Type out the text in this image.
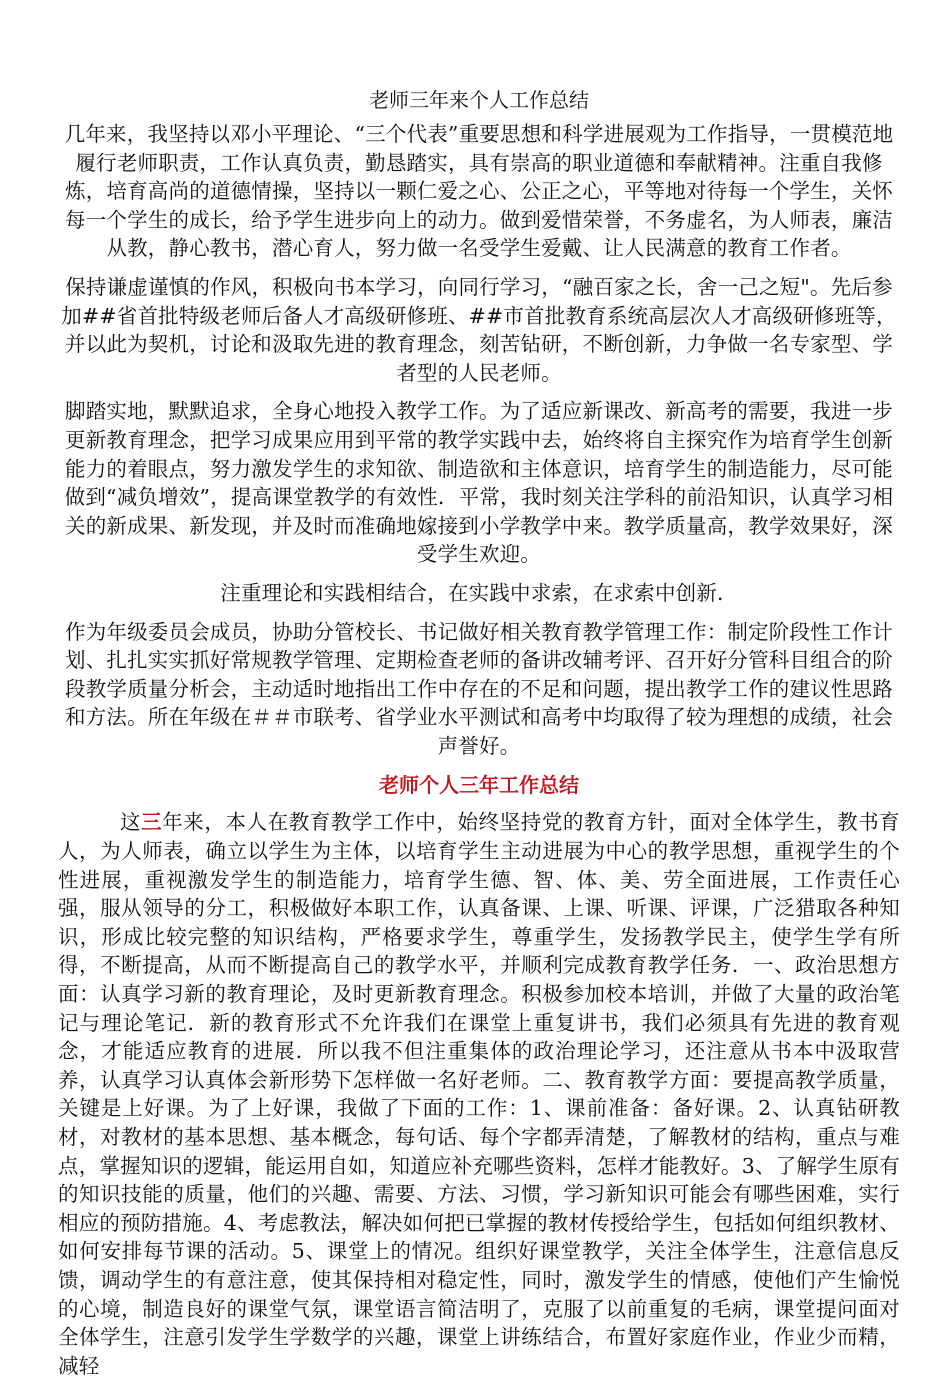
老师三年来个人工作总结

几年来，我坚持以邓小平理论、“三个代表”重要思想和科学进展观为工作指导，一贯模范地履行老师职责，工作认真负责，勤恳踏实，具有崇高的职业道德和奉献精神。注重自我修炼，培育高尚的道德情操，坚持以一颗仁爱之心、公正之心，平等地对待每一个学生，关怀每一个学生的成长，给予学生进步向上的动力。做到爱惜荣誉，不务虚名，为人师表，廉洁从教，静心教书，潜心育人，努力做一名受学生爱戴、让人民满意的教育工作者。

保持谦虚谨慎的作风，积极向书本学习，向同行学习，“融百家之长，舍一己之短"。先后参加##省首批特级老师后备人才高级研修班、##市首批教育系统高层次人才高级研修班等，并以此为契机，讨论和汲取先进的教育理念，刻苦钻研，不断创新，力争做一名专家型、学者型的人民老师。

脚踏实地，默默追求，全身心地投入教学工作。为了适应新课改、新高考的需要，我进一步更新教育理念，把学习成果应用到平常的教学实践中去，始终将自主探究作为培育学生创新能力的着眼点，努力激发学生的求知欲、制造欲和主体意识，培育学生的制造能力，尽可能做到“减负增效”，提高课堂教学的有效性．平常，我时刻关注学科的前沿知识，认真学习相关的新成果、新发现，并及时而准确地嫁接到小学教学中来。教学质量高，教学效果好，深受学生欢迎。

注重理论和实践相结合，在实践中求索，在求索中创新．

作为年级委员会成员，协助分管校长、书记做好相关教育教学管理工作：制定阶段性工作计划、扎扎实实抓好常规教学管理、定期检查老师的备讲改辅考评、召开好分管科目组合的阶段教学质量分析会，主动适时地指出工作中存在的不足和问题，提出教学工作的建议性思路和方法。所在年级在＃＃市联考、省学业水平测试和高考中均取得了较为理想的成绩，社会声誉好。

老师个人三年工作总结

这三年来，本人在教育教学工作中，始终坚持党的教育方针，面对全体学生，教书育人，为人师表，确立以学生为主体，以培育学生主动进展为中心的教学思想，重视学生的个性进展，重视激发学生的制造能力，培育学生德、智、体、美、劳全面进展，工作责任心强，服从领导的分工，积极做好本职工作，认真备课、上课、听课、评课，广泛猎取各种知识，形成比较完整的知识结构，严格要求学生，尊重学生，发扬教学民主，使学生学有所得，不断提高，从而不断提高自己的教学水平，并顺利完成教育教学任务．一、政治思想方面：认真学习新的教育理论，及时更新教育理念。积极参加校本培训，并做了大量的政治笔记与理论笔记．新的教育形式不允许我们在课堂上重复讲书，我们必须具有先进的教育观念，才能适应教育的进展．所以我不但注重集体的政治理论学习，还注意从书本中汲取营养，认真学习认真体会新形势下怎样做一名好老师。二、教育教学方面：要提高教学质量，关键是上好课。为了上好课，我做了下面的工作：1、课前准备：备好课。2、认真钻研教材，对教材的基本思想、基本概念，每句话、每个字都弄清楚，了解教材的结构，重点与难点，掌握知识的逻辑，能运用自如，知道应补充哪些资料，怎样才能教好。3、了解学生原有的知识技能的质量，他们的兴趣、需要、方法、习惯，学习新知识可能会有哪些困难，实行相应的预防措施。4、考虑教法，解决如何把已掌握的教材传授给学生，包括如何组织教材、如何安排每节课的活动。5、课堂上的情况。组织好课堂教学，关注全体学生，注意信息反馈，调动学生的有意注意，使其保持相对稳定性，同时，激发学生的情感，使他们产生愉悦的心境，制造良好的课堂气氛，课堂语言简洁明了，克服了以前重复的毛病，课堂提问面对全体学生，注意引发学生学数学的兴趣，课堂上讲练结合，布置好家庭作业，作业少而精，减轻
